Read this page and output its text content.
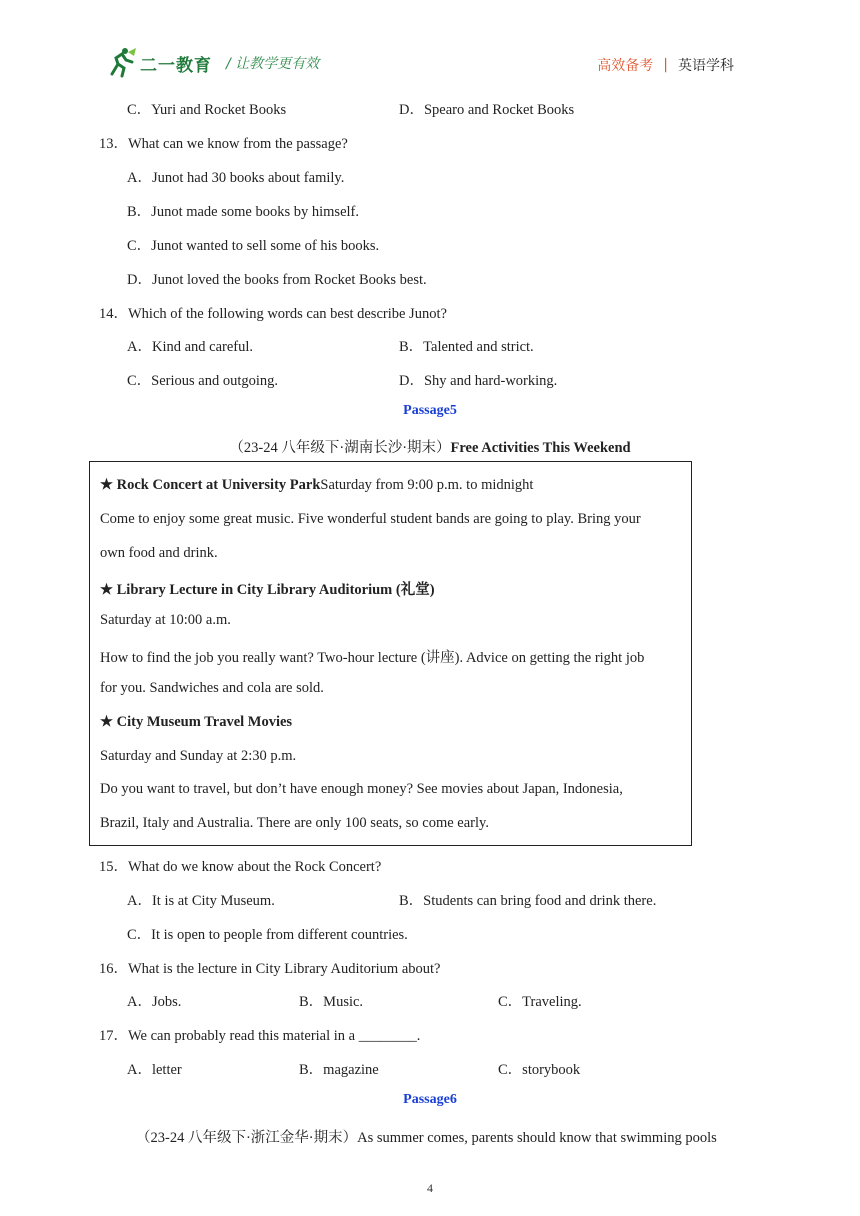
二一教育 / 让教学更有效	高效备考 | 英语学科
C．Yuri and Rocket Books	D．Spearo and Rocket Books
13．What can we know from the passage?
A．Junot had 30 books about family.
B．Junot made some books by himself.
C．Junot wanted to sell some of his books.
D．Junot loved the books from Rocket Books best.
14．Which of the following words can best describe Junot?
A．Kind and careful.	B．Talented and strict.
C．Serious and outgoing.	D．Shy and hard-working.
Passage5
（23-24 八年级下·湖南长沙·期末）Free Activities This Weekend
★ Rock Concert at University ParkSaturday from 9:00 p.m. to midnight
Come to enjoy some great music. Five wonderful student bands are going to play. Bring your
own food and drink.
★ Library Lecture in City Library Auditorium (礼堂)
Saturday at 10:00 a.m.
How to find the job you really want? Two-hour lecture (讲座). Advice on getting the right job
for you. Sandwiches and cola are sold.
★ City Museum Travel Movies
Saturday and Sunday at 2:30 p.m.
Do you want to travel, but don’t have enough money? See movies about Japan, Indonesia,
Brazil, Italy and Australia. There are only 100 seats, so come early.
15．What do we know about the Rock Concert?
A．It is at City Museum.	B．Students can bring food and drink there.
C．It is open to people from different countries.
16．What is the lecture in City Library Auditorium about?
A．Jobs.	B．Music.	C．Traveling.
17．We can probably read this material in a ________.
A．letter	B．magazine	C．storybook
Passage6
（23-24 八年级下·浙江金华·期末）As summer comes, parents should know that swimming pools
4
